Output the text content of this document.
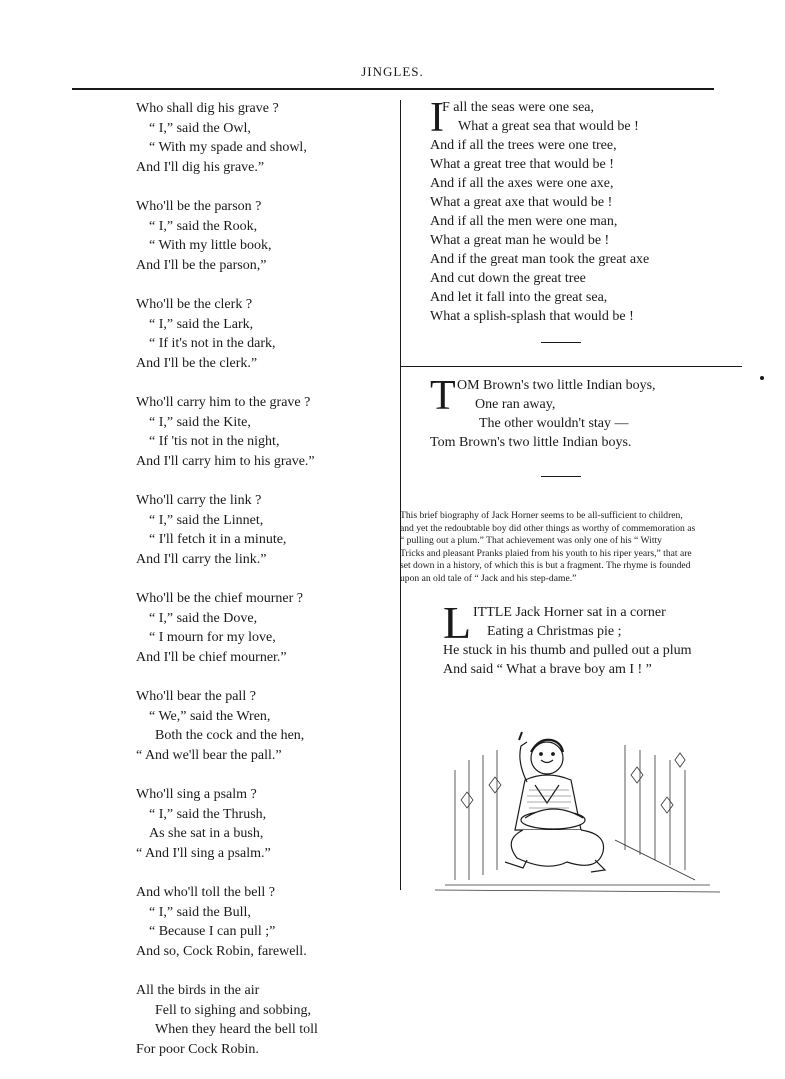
JINGLES.
Who shall dig his grave ?
“ I,” said the Owl,
“ With my spade and showl,
And I'll dig his grave.”
Who'll be the parson ?
“ I,” said the Rook,
“ With my little book,
And I'll be the parson,”
Who'll be the clerk ?
“ I,” said the Lark,
“ If it's not in the dark,
And I'll be the clerk.”
Who'll carry him to the grave ?
“ I,” said the Kite,
“ If 'tis not in the night,
And I'll carry him to his grave.”
Who'll carry the link ?
“ I,” said the Linnet,
“ I'll fetch it in a minute,
And I'll carry the link.”
Who'll be the chief mourner ?
“ I,” said the Dove,
“ I mourn for my love,
And I'll be chief mourner.”
Who'll bear the pall ?
“ We,” said the Wren,
Both the cock and the hen,
“ And we'll bear the pall.”
Who'll sing a psalm ?
“ I,” said the Thrush,
As she sat in a bush,
“ And I'll sing a psalm.”
And who'll toll the bell ?
“ I,” said the Bull,
“ Because I can pull ;”
And so, Cock Robin, farewell.
All the birds in the air
Fell to sighing and sobbing,
When they heard the bell toll
For poor Cock Robin.
I
F all the seas were one sea,
What a great sea that would be !
And if all the trees were one tree,
What a great tree that would be !
And if all the axes were one axe,
What a great axe that would be !
And if all the men were one man,
What a great man he would be !
And if the great man took the great axe
And cut down the great tree
And let it fall into the great sea,
What a splish-splash that would be !
T OM Brown's two little Indian boys,
One ran away,
The other wouldn't stay —
Tom Brown's two little Indian boys.
This brief biography of Jack Horner seems to be all-sufficient to children,
and yet the redoubtable boy did other things as worthy of commemoration as
“ pulling out a plum.” That achievement was only one of his “ Witty
Tricks and pleasant Pranks plaied from his youth to his riper years,” that are
set down in a history, of which this is but a fragment. The rhyme is founded
upon an old tale of “ Jack and his step-dame.”
L ITTLE Jack Horner sat in a corner
Eating a Christmas pie ;
He stuck in his thumb and pulled out a plum
And said “ What a brave boy am I ! ”
